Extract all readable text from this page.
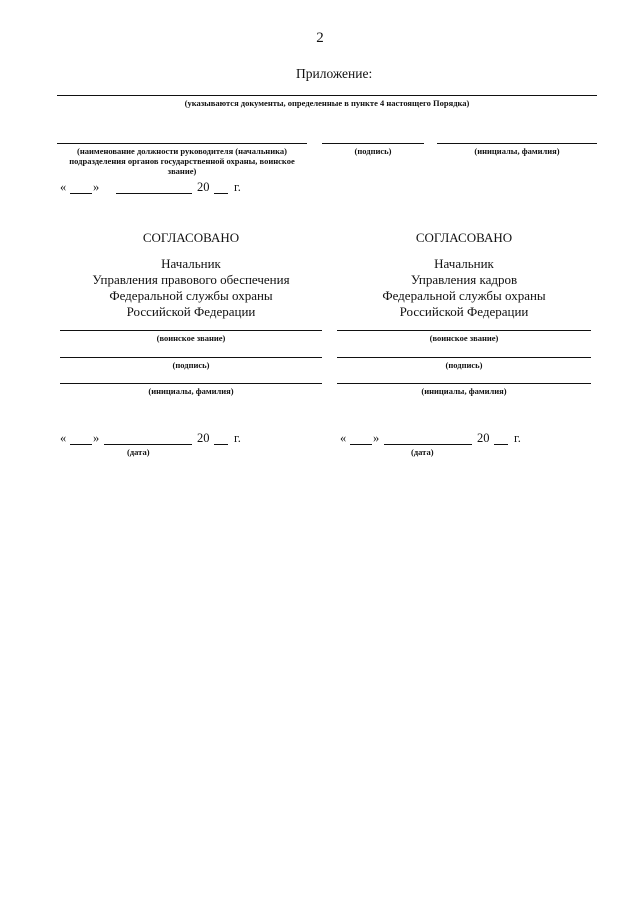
2
Приложение:
(указываются документы, определенные в пункте 4 настоящего Порядка)
(наименование должности руководителя (начальника)
подразделения органов государственной охраны, воинское
звание)
(подпись)	(инициалы, фамилия)
« »	20 г.
СОГЛАСОВАНО
Начальник
Управления правового обеспечения
Федеральной службы охраны
Российской Федерации
(воинское звание)
(подпись)
(инициалы, фамилия)
« »	20 г.
(дата)
СОГЛАСОВАНО
Начальник
Управления кадров
Федеральной службы охраны
Российской Федерации
(воинское звание)
(подпись)
(инициалы, фамилия)
« »	20 г.
(дата)
